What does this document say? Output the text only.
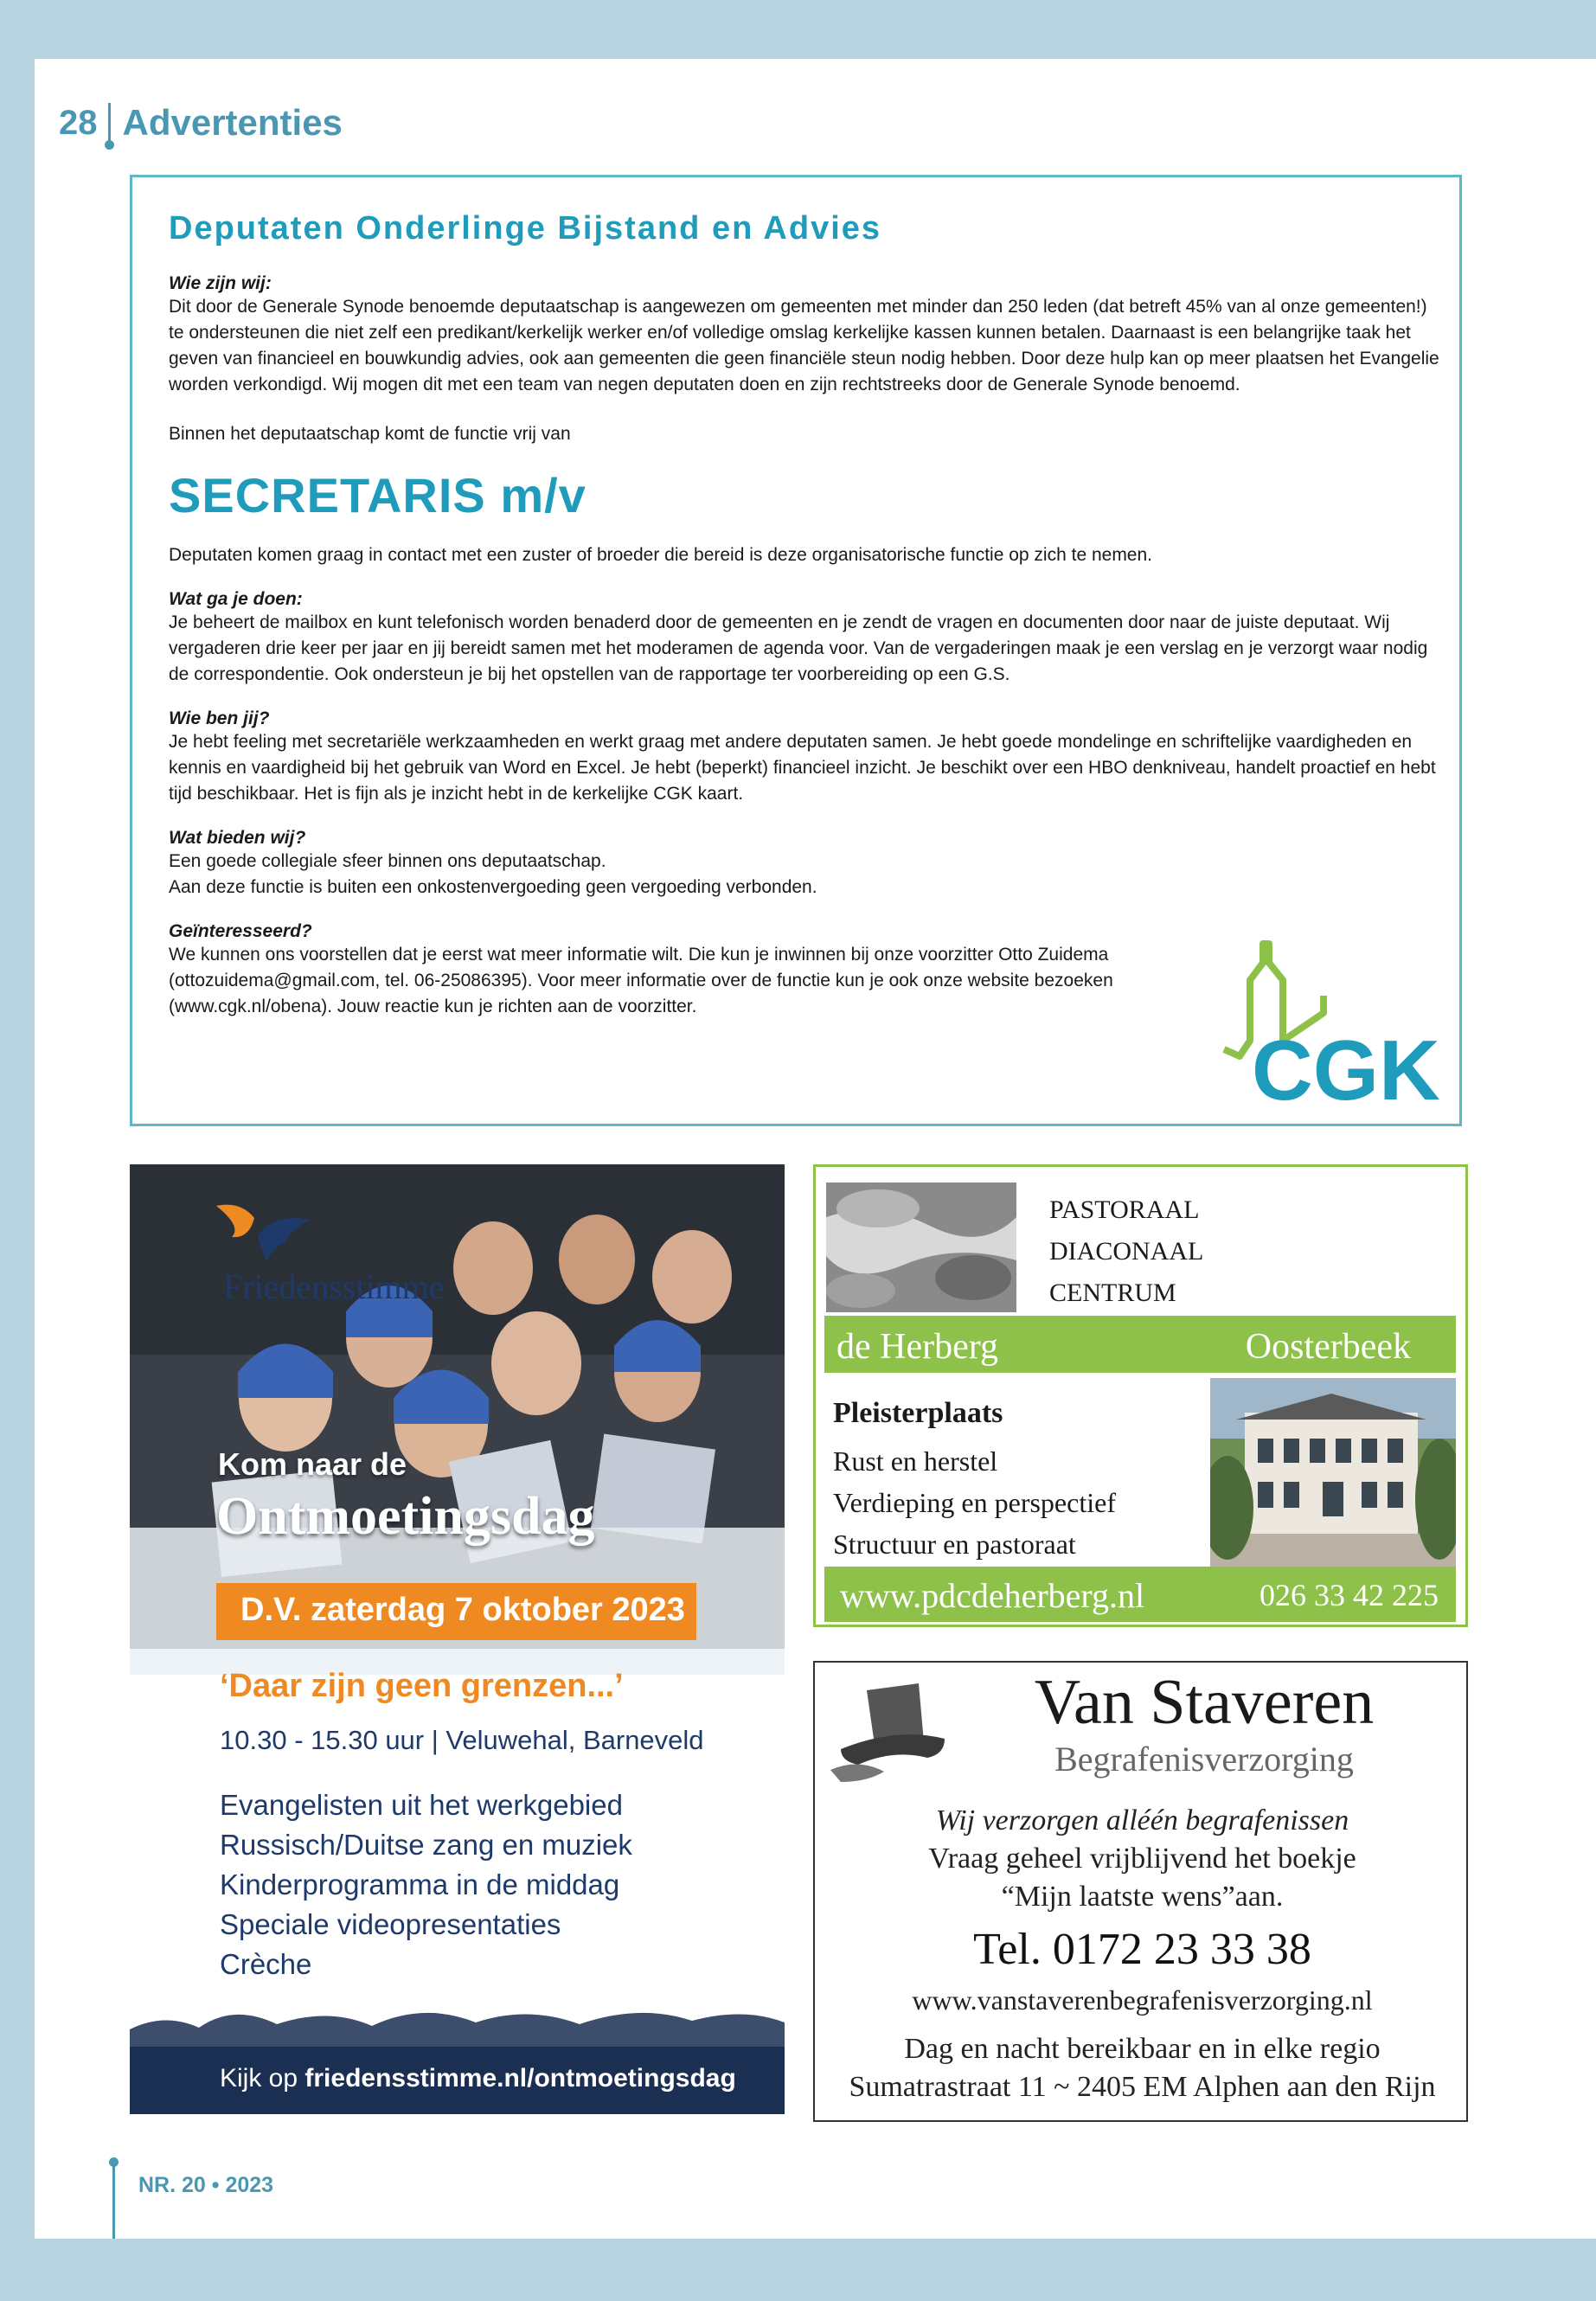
28 Advertenties
Deputaten Onderlinge Bijstand en Advies
Wie zijn wij:
Dit door de Generale Synode benoemde deputaatschap is aangewezen om gemeenten met minder dan 250 leden (dat betreft 45% van al onze gemeenten!) te ondersteunen die niet zelf een predikant/kerkelijk werker en/of volledige omslag kerkelijke kassen kunnen betalen. Daarnaast is een belangrijke taak het geven van financieel en bouwkundig advies, ook aan gemeenten die geen financiële steun nodig hebben. Door deze hulp kan op meer plaatsen het Evangelie worden verkondigd. Wij mogen dit met een team van negen deputaten doen en zijn rechtstreeks door de Generale Synode benoemd.
Binnen het deputaatschap komt de functie vrij van
SECRETARIS m/v
Deputaten komen graag in contact met een zuster of broeder die bereid is deze organisatorische functie op zich te nemen.
Wat ga je doen:
Je beheert de mailbox en kunt telefonisch worden benaderd door de gemeenten en je zendt de vragen en documenten door naar de juiste deputaat. Wij vergaderen drie keer per jaar en jij bereidt samen met het moderamen de agenda voor. Van de vergaderingen maak je een verslag en je verzorgt waar nodig de correspondentie. Ook ondersteun je bij het opstellen van de rapportage ter voorbereiding op een G.S.
Wie ben jij?
Je hebt feeling met secretariële werkzaamheden en werkt graag met andere deputaten samen. Je hebt goede mondelinge en schriftelijke vaardigheden en kennis en vaardigheid bij het gebruik van Word en Excel. Je hebt (beperkt) financieel inzicht. Je beschikt over een HBO denkniveau, handelt proactief en hebt tijd beschikbaar. Het is fijn als je inzicht hebt in de kerkelijke CGK kaart.
Wat bieden wij?
Een goede collegiale sfeer binnen ons deputaatschap.
Aan deze functie is buiten een onkostenvergoeding geen vergoeding verbonden.
Geïnteresseerd?
We kunnen ons voorstellen dat je eerst wat meer informatie wilt. Die kun je inwinnen bij onze voorzitter Otto Zuidema (ottozuidema@gmail.com, tel. 06-25086395). Voor meer informatie over de functie kun je ook onze website bezoeken (www.cgk.nl/obena). Jouw reactie kun je richten aan de voorzitter.
CGK
Friedensstimme
Kom naar de
Ontmoetingsdag
D.V. zaterdag 7 oktober 2023
‘Daar zijn geen grenzen...’
10.30 - 15.30 uur | Veluwehal, Barneveld
Evangelisten uit het werkgebied
Russisch/Duitse zang en muziek
Kinderprogramma in de middag
Speciale videopresentaties
Crèche
Kijk op friedensstimme.nl/ontmoetingsdag
PASTORAAL
DIACONAAL
CENTRUM
de Herberg	Oosterbeek
Pleisterplaats
Rust en herstel
Verdieping en perspectief
Structuur en pastoraat
www.pdcdeherberg.nl	026 33 42 225
Van Staveren
Begrafenisverzorging
Wij verzorgen alléén begrafenissen
Vraag geheel vrijblijvend het boekje
“Mijn laatste wens”aan.
Tel. 0172 23 33 38
www.vanstaverenbegrafenisverzorging.nl
Dag en nacht bereikbaar en in elke regio
Sumatrastraat 11 ~ 2405 EM Alphen aan den Rijn
NR. 20 • 2023
